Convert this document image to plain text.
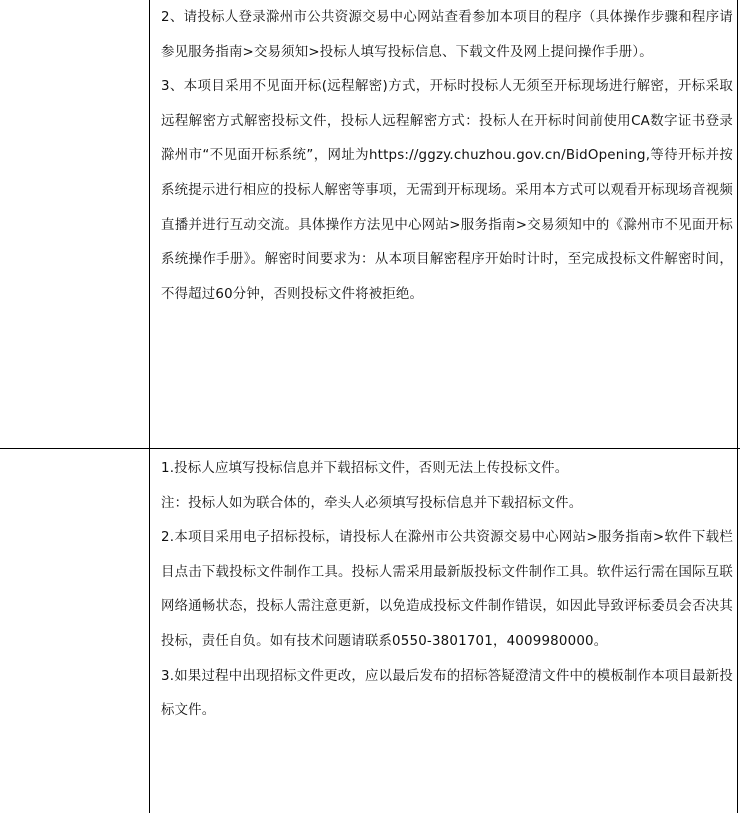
2、请投标人登录滁州市公共资源交易中心网站查看参加本项目的程序（具体操作步骤和程序请参见服务指南>交易须知>投标人填写投标信息、下载文件及网上提问操作手册）。

3、本项目采用不见面开标(远程解密)方式，开标时投标人无须至开标现场进行解密，开标采取远程解密方式解密投标文件，投标人远程解密方式：投标人在开标时间前使用CA数字证书登录滁州市“不见面开标系统”，网址为https://ggzy.chuzhou.gov.cn/BidOpening,等待开标并按系统提示进行相应的投标人解密等事项，无需到开标现场。采用本方式可以观看开标现场音视频直播并进行互动交流。具体操作方法见中心网站>服务指南>交易须知中的《滁州市不见面开标系统操作手册》。解密时间要求为：从本项目解密程序开始时计时，至完成投标文件解密时间，不得超过60分钟，否则投标文件将被拒绝。

1.投标人应填写投标信息并下载招标文件，否则无法上传投标文件。

注：投标人如为联合体的，牵头人必须填写投标信息并下载招标文件。

2.本项目采用电子招标投标，请投标人在滁州市公共资源交易中心网站>服务指南>软件下载栏目点击下载投标文件制作工具。投标人需采用最新版投标文件制作工具。软件运行需在国际互联网络通畅状态，投标人需注意更新，以免造成投标文件制作错误，如因此导致评标委员会否决其投标，责任自负。如有技术问题请联系0550-3801701，4009980000。

3.如果过程中出现招标文件更改，应以最后发布的招标答疑澄清文件中的模板制作本项目最新投标文件。
